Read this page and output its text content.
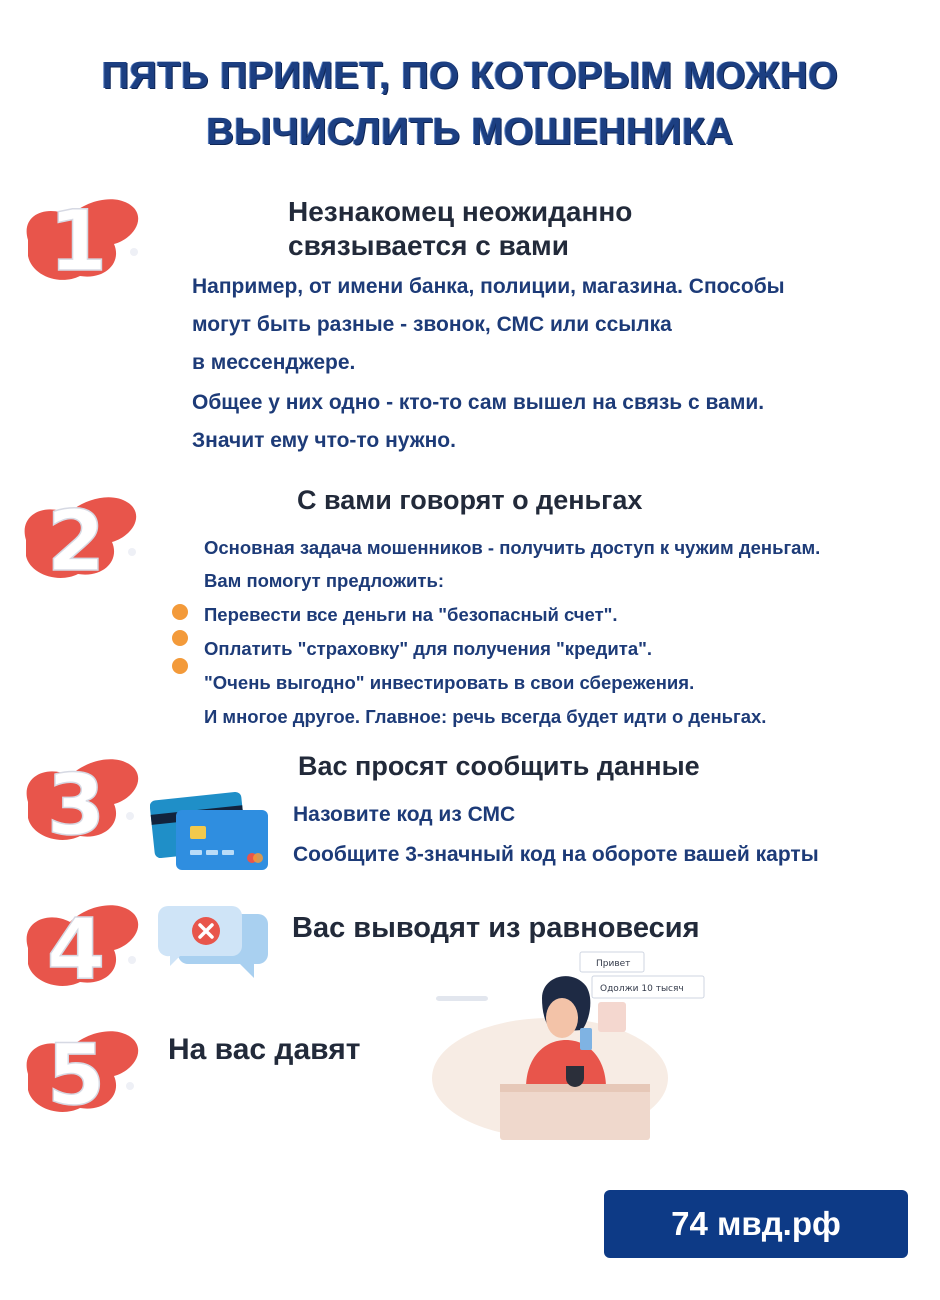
ПЯТЬ ПРИМЕТ, ПО КОТОРЫМ МОЖНО
ВЫЧИСЛИТЬ МОШЕННИКА
1
2
3
4
5
Незнакомец неожиданно
связывается с вами
Например, от имени банка, полиции, магазина. Способы
могут быть разные - звонок, СМС или ссылка
в мессенджере.
Общее у них одно - кто-то сам вышел на связь с вами.
Значит ему что-то нужно.
С вами говорят о деньгах
Основная задача мошенников - получить доступ к чужим деньгам.
Вам помогут предложить:
Перевести все деньги на "безопасный счет".
Оплатить "страховку" для получения "кредита".
"Очень выгодно" инвестировать в свои сбережения.
И многое другое. Главное: речь всегда будет идти о деньгах.
Вас просят сообщить данные
Назовите код из СМС
Сообщите 3-значный код на обороте вашей карты
Вас выводят из равновесия
На вас давят
Привет
Одолжи 10 тысяч
74 мвд.рф
